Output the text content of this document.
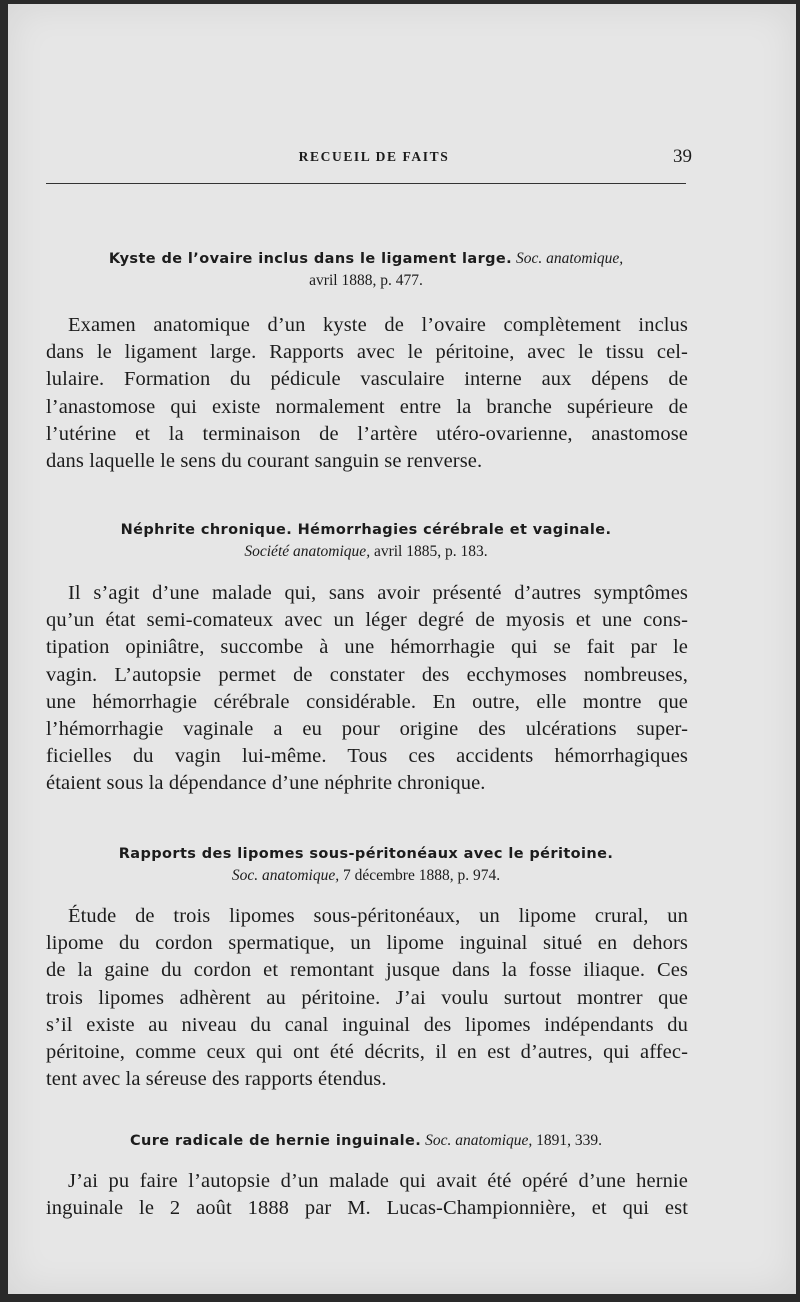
RECUEIL DE FAITS	39
Kyste de l’ovaire inclus dans le ligament large. Soc. anatomique,
avril 1888, p. 477.
Examen anatomique d’un kyste de l’ovaire complètement inclus
dans le ligament large. Rapports avec le péritoine, avec le tissu cel-
lulaire. Formation du pédicule vasculaire interne aux dépens de
l’anastomose qui existe normalement entre la branche supérieure de
l’utérine et la terminaison de l’artère utéro-ovarienne, anastomose
dans laquelle le sens du courant sanguin se renverse.
Néphrite chronique. Hémorrhagies cérébrale et vaginale.
Société anatomique, avril 1885, p. 183.
Il s’agit d’une malade qui, sans avoir présenté d’autres symptômes
qu’un état semi-comateux avec un léger degré de myosis et une cons-
tipation opiniâtre, succombe à une hémorrhagie qui se fait par le
vagin. L’autopsie permet de constater des ecchymoses nombreuses,
une hémorrhagie cérébrale considérable. En outre, elle montre que
l’hémorrhagie vaginale a eu pour origine des ulcérations super-
ficielles du vagin lui-même. Tous ces accidents hémorrhagiques
étaient sous la dépendance d’une néphrite chronique.
Rapports des lipomes sous-péritonéaux avec le péritoine.
Soc. anatomique, 7 décembre 1888, p. 974.
Étude de trois lipomes sous-péritonéaux, un lipome crural, un
lipome du cordon spermatique, un lipome inguinal situé en dehors
de la gaine du cordon et remontant jusque dans la fosse iliaque. Ces
trois lipomes adhèrent au péritoine. J’ai voulu surtout montrer que
s’il existe au niveau du canal inguinal des lipomes indépendants du
péritoine, comme ceux qui ont été décrits, il en est d’autres, qui affec-
tent avec la séreuse des rapports étendus.
Cure radicale de hernie inguinale. Soc. anatomique, 1891, 339.
J’ai pu faire l’autopsie d’un malade qui avait été opéré d’une hernie
inguinale le 2 août 1888 par M. Lucas-Championnière, et qui est
